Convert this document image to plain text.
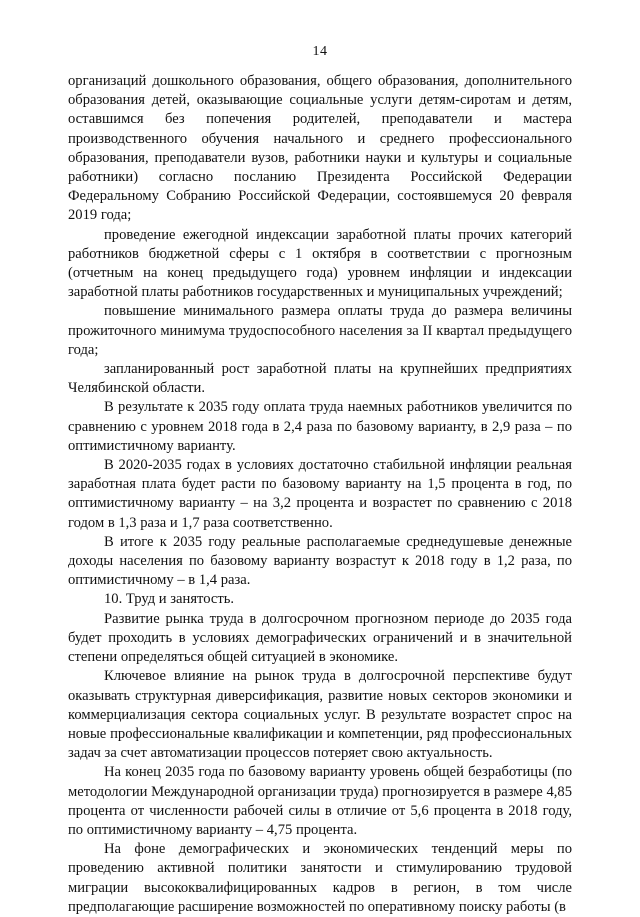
14

организаций дошкольного образования, общего образования, дополнительного образования детей, оказывающие социальные услуги детям-сиротам и детям, оставшимся без попечения родителей, преподаватели и мастера производственного обучения начального и среднего профессионального образования, преподаватели вузов, работники науки и культуры и социальные работники) согласно посланию Президента Российской Федерации Федеральному Собранию Российской Федерации, состоявшемуся 20 февраля 2019 года;

проведение ежегодной индексации заработной платы прочих категорий работников бюджетной сферы с 1 октября в соответствии с прогнозным (отчетным на конец предыдущего года) уровнем инфляции и индексации заработной платы работников государственных и муниципальных учреждений;

повышение минимального размера оплаты труда до размера величины прожиточного минимума трудоспособного населения за II квартал предыдущего года;

запланированный рост заработной платы на крупнейших предприятиях Челябинской области.

В результате к 2035 году оплата труда наемных работников увеличится по сравнению с уровнем 2018 года в 2,4 раза по базовому варианту, в 2,9 раза – по оптимистичному варианту.

В 2020-2035 годах в условиях достаточно стабильной инфляции реальная заработная плата будет расти по базовому варианту на 1,5 процента в год, по оптимистичному варианту – на 3,2 процента и возрастет по сравнению с 2018 годом в 1,3 раза и 1,7 раза соответственно.

В итоге к 2035 году реальные располагаемые среднедушевые денежные доходы населения по базовому варианту возрастут к 2018 году в 1,2 раза, по оптимистичному – в 1,4 раза.

10. Труд и занятость.

Развитие рынка труда в долгосрочном прогнозном периоде до 2035 года будет проходить в условиях демографических ограничений и в значительной степени определяться общей ситуацией в экономике.

Ключевое влияние на рынок труда в долгосрочной перспективе будут оказывать структурная диверсификация, развитие новых секторов экономики и коммерциализация сектора социальных услуг. В результате возрастет спрос на новые профессиональные квалификации и компетенции, ряд профессиональных задач за счет автоматизации процессов потеряет свою актуальность.

На конец 2035 года по базовому варианту уровень общей безработицы (по методологии Международной организации труда) прогнозируется в размере 4,85 процента от численности рабочей силы в отличие от 5,6 процента в 2018 году, по оптимистичному варианту – 4,75 процента.

На фоне демографических и экономических тенденций меры по проведению активной политики занятости и стимулированию трудовой миграции высококвалифицированных кадров в регион, в том числе предполагающие расширение возможностей по оперативному поиску работы (в
